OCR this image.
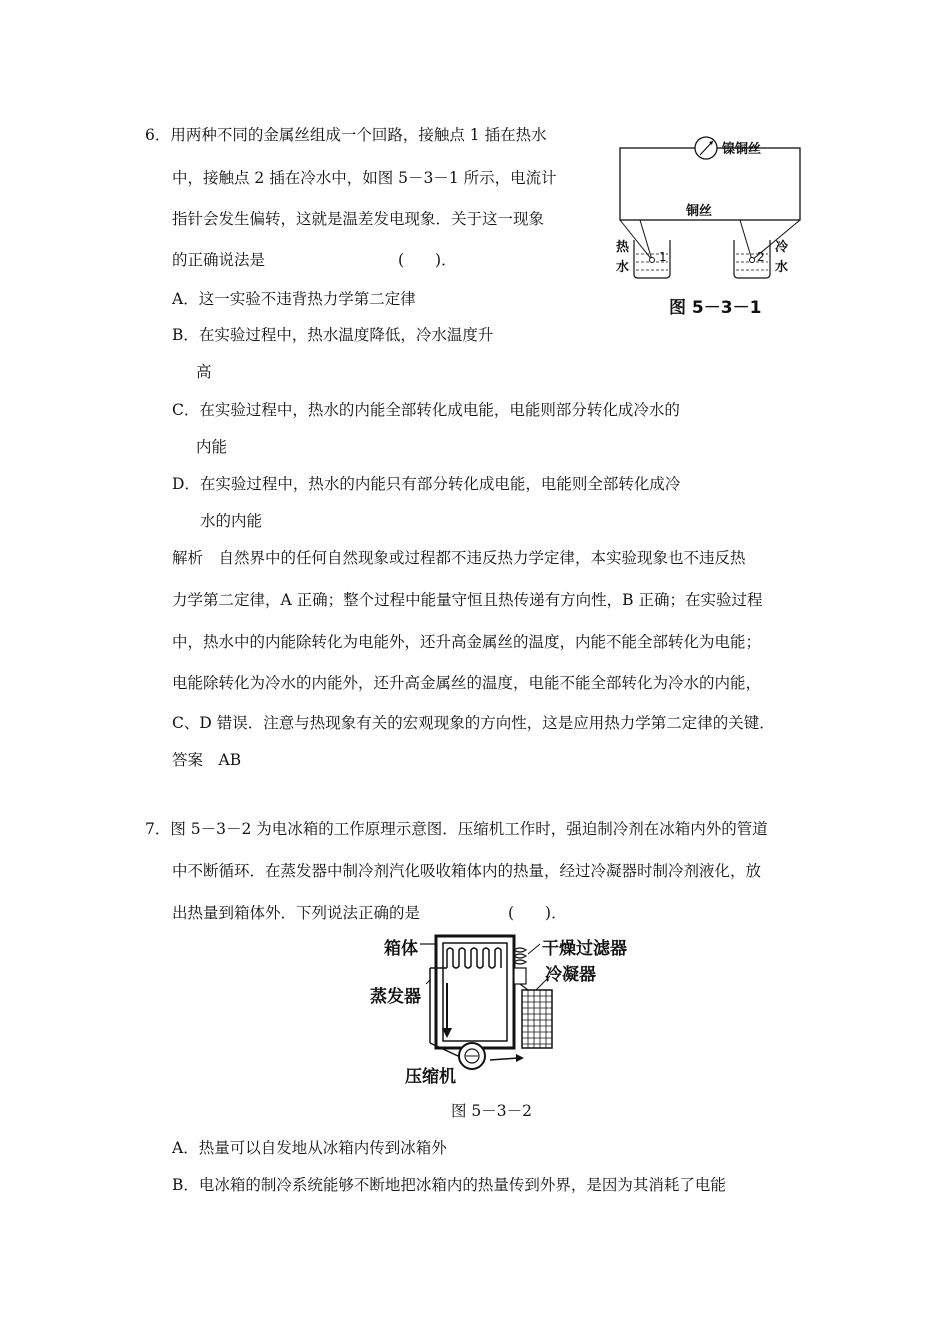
6．用两种不同的金属丝组成一个回路，接触点 1 插在热水
中，接触点 2 插在冷水中，如图 5－3－1 所示，电流计
指针会发生偏转，这就是温差发电现象．关于这一现象
的正确说法是	(　　)．
A．这一实验不违背热力学第二定律
B．在实验过程中，热水温度降低，冷水温度升
高
C．在实验过程中，热水的内能全部转化成电能，电能则部分转化成冷水的
内能
D．在实验过程中，热水的内能只有部分转化成电能，电能则全部转化成冷
水的内能
解析　自然界中的任何自然现象或过程都不违反热力学定律，本实验现象也不违反热
力学第二定律，A 正确；整个过程中能量守恒且热传递有方向性，B 正确；在实验过程
中，热水中的内能除转化为电能外，还升高金属丝的温度，内能不能全部转化为电能；
电能除转化为冷水的内能外，还升高金属丝的温度，电能不能全部转化为冷水的内能，
C、D 错误．注意与热现象有关的宏观现象的方向性，这是应用热力学第二定律的关键．
答案　AB
镍铜丝
铜丝
热
水
冷
水
1	2
图 5－3－1
7．图 5－3－2 为电冰箱的工作原理示意图．压缩机工作时，强迫制冷剂在冰箱内外的管道
中不断循环．在蒸发器中制冷剂汽化吸收箱体内的热量，经过冷凝器时制冷剂液化，放
出热量到箱体外．下列说法正确的是	(　　)．
箱体	干燥过滤器
冷凝器
蒸发器
压缩机
图 5－3－2
A．热量可以自发地从冰箱内传到冰箱外
B．电冰箱的制冷系统能够不断地把冰箱内的热量传到外界，是因为其消耗了电能
